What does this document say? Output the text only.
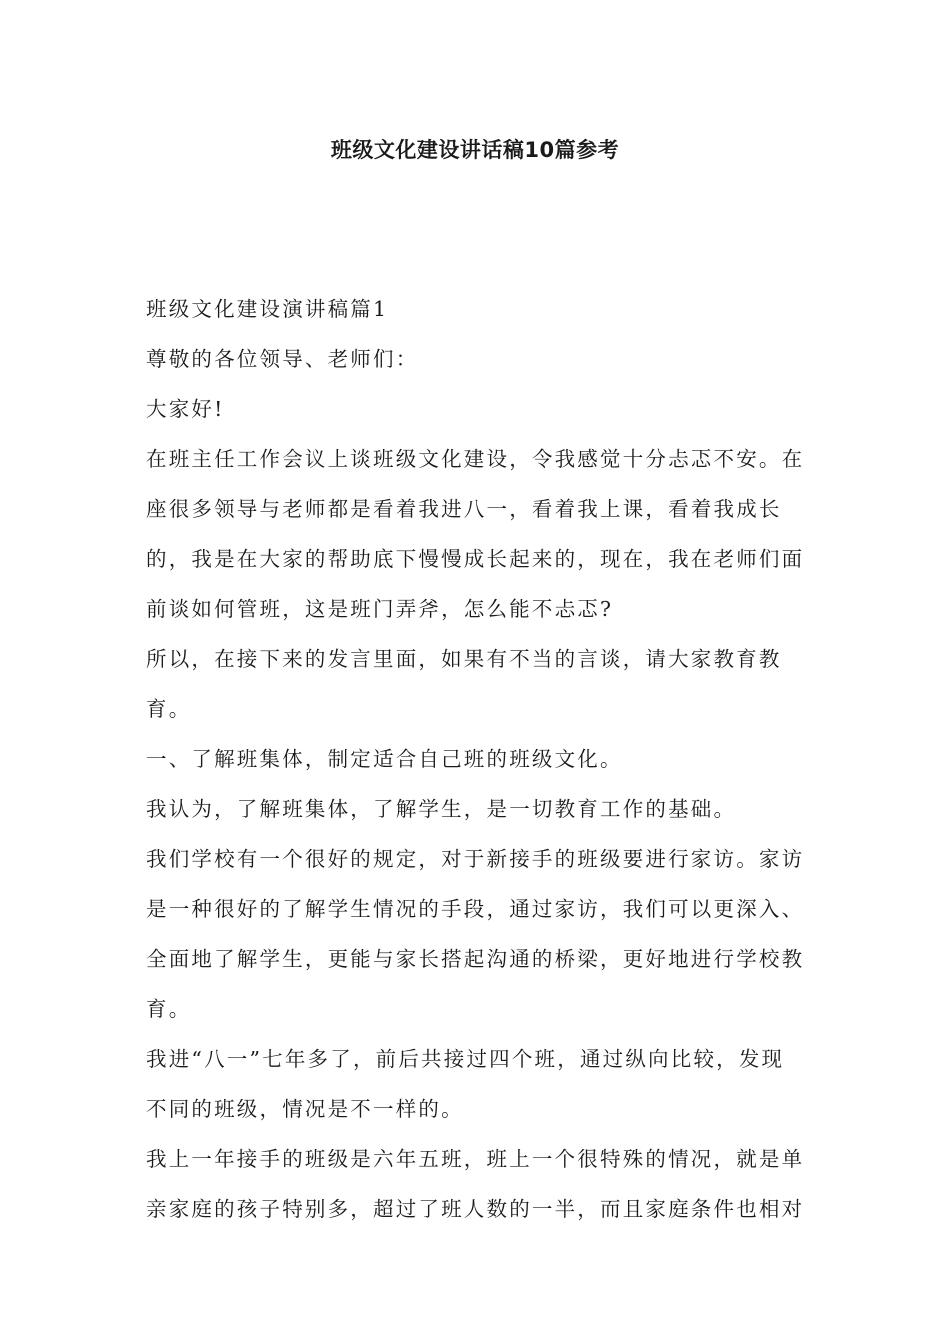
班级文化建设讲话稿10篇参考

班级文化建设演讲稿篇1

尊敬的各位领导、老师们：

大家好!

在班主任工作会议上谈班级文化建设，令我感觉十分忐忑不安。在座很多领导与老师都是看着我进八一，看着我上课，看着我成长的，我是在大家的帮助底下慢慢成长起来的，现在，我在老师们面前谈如何管班，这是班门弄斧，怎么能不忐忑?

所以，在接下来的发言里面，如果有不当的言谈，请大家教育教育。

一、了解班集体，制定适合自己班的班级文化。

我认为，了解班集体，了解学生，是一切教育工作的基础。

我们学校有一个很好的规定，对于新接手的班级要进行家访。家访是一种很好的了解学生情况的手段，通过家访，我们可以更深入、全面地了解学生，更能与家长搭起沟通的桥梁，更好地进行学校教育。

我进“八一”七年多了，前后共接过四个班，通过纵向比较，发现不同的班级，情况是不一样的。

我上一年接手的班级是六年五班，班上一个很特殊的情况，就是单亲家庭的孩子特别多，超过了班人数的一半，而且家庭条件也相对
